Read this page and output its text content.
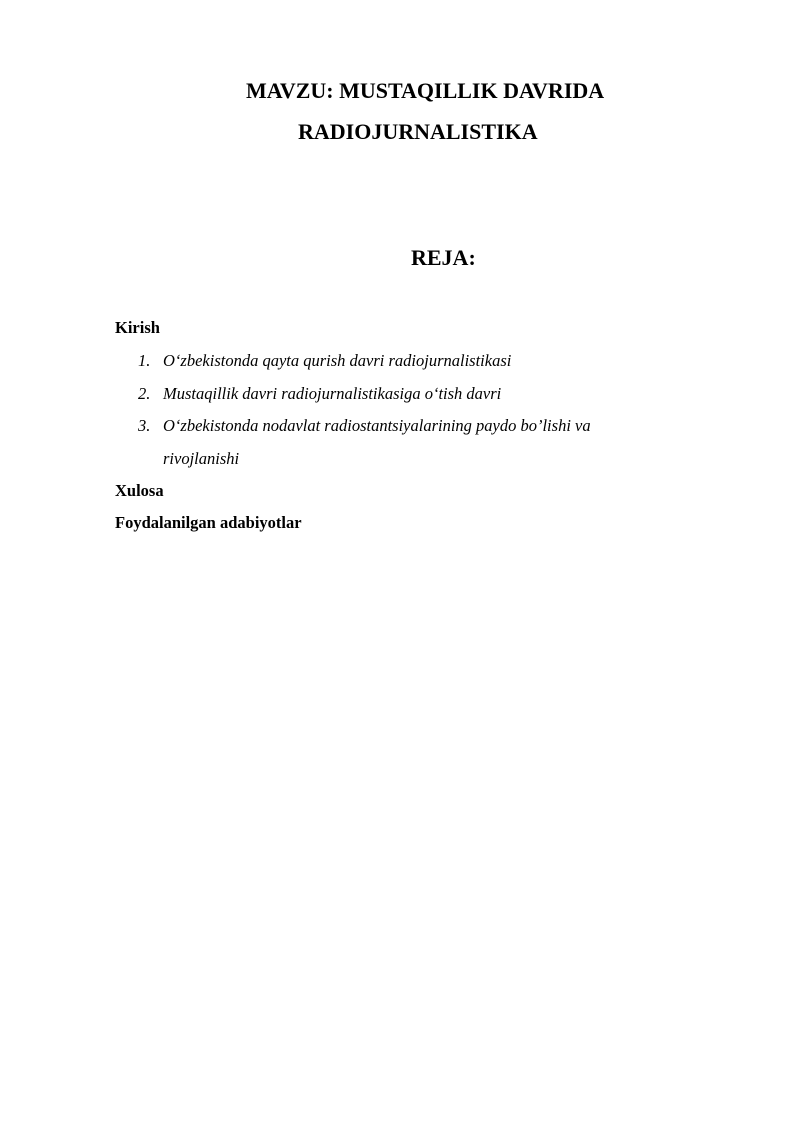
MAVZU: MUSTAQILLIK DAVRIDA
RADIOJURNALISTIKA
REJA:
Kirish
1. O‘zbekistonda qayta qurish davri radiojurnalistikasi
2. Mustaqillik davri radiojurnalistikasiga o‘tish davri
3. O‘zbekistonda nodavlat radiostantsiyalarining paydo bo’lishi va rivojlanishi
Xulosa
Foydalanilgan adabiyotlar
